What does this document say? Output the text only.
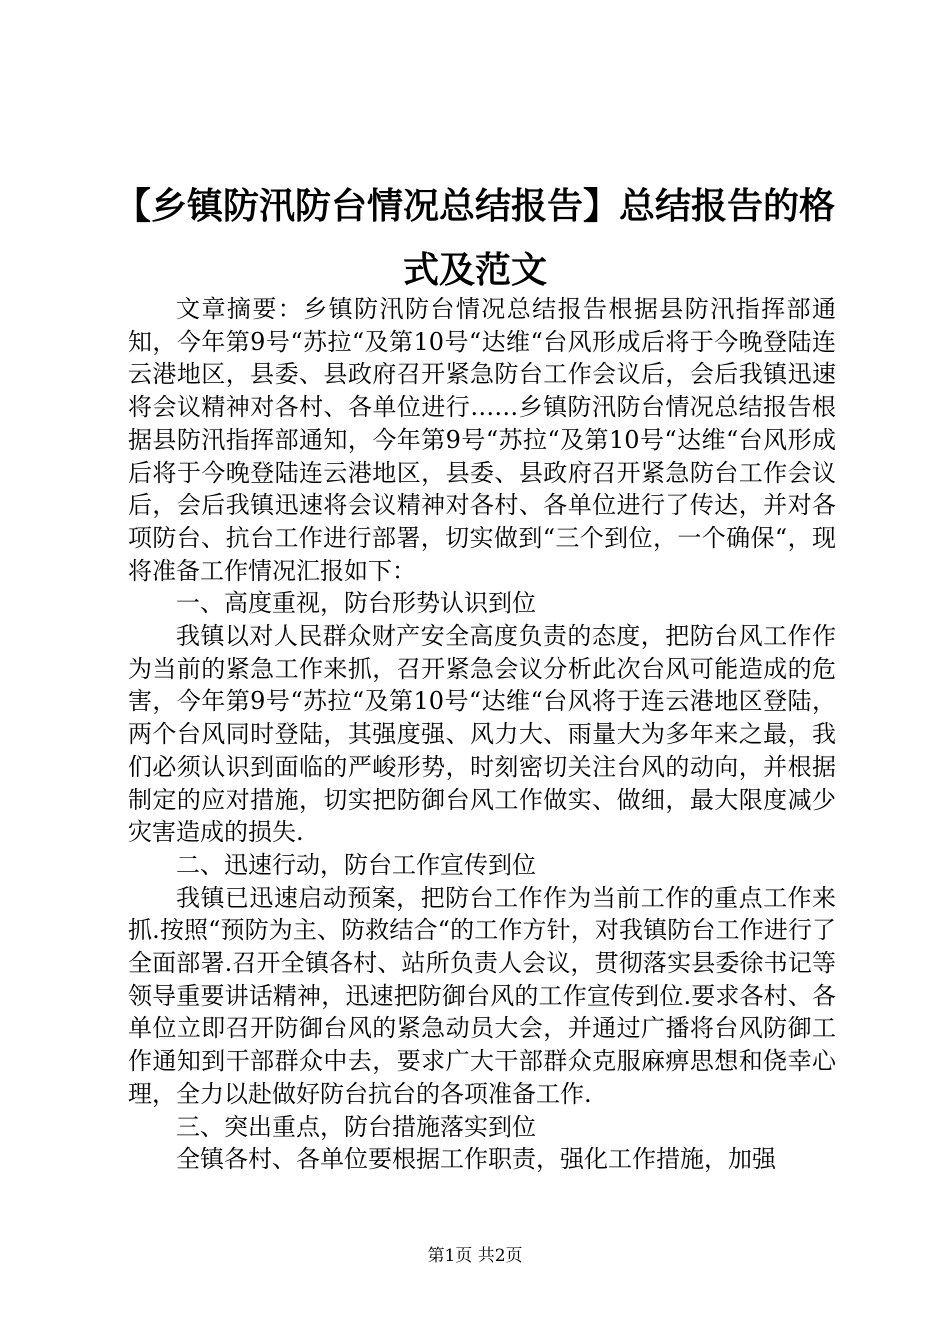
【乡镇防汛防台情况总结报告】总结报告的格式及范文

文章摘要：乡镇防汛防台情况总结报告根据县防汛指挥部通知，今年第9号“苏拉“及第10号“达维“台风形成后将于今晚登陆连云港地区，县委、县政府召开紧急防台工作会议后，会后我镇迅速将会议精神对各村、各单位进行……乡镇防汛防台情况总结报告根据县防汛指挥部通知，今年第9号“苏拉“及第10号“达维“台风形成后将于今晚登陆连云港地区，县委、县政府召开紧急防台工作会议后，会后我镇迅速将会议精神对各村、各单位进行了传达，并对各项防台、抗台工作进行部署，切实做到“三个到位，一个确保“，现将准备工作情况汇报如下：

一、高度重视，防台形势认识到位

我镇以对人民群众财产安全高度负责的态度，把防台风工作作为当前的紧急工作来抓，召开紧急会议分析此次台风可能造成的危害，今年第9号“苏拉“及第10号“达维“台风将于连云港地区登陆，两个台风同时登陆，其强度强、风力大、雨量大为多年来之最，我们必须认识到面临的严峻形势，时刻密切关注台风的动向，并根据制定的应对措施，切实把防御台风工作做实、做细，最大限度减少灾害造成的损失.

二、迅速行动，防台工作宣传到位

我镇已迅速启动预案，把防台工作作为当前工作的重点工作来抓.按照“预防为主、防救结合“的工作方针，对我镇防台工作进行了全面部署.召开全镇各村、站所负责人会议，贯彻落实县委徐书记等领导重要讲话精神，迅速把防御台风的工作宣传到位.要求各村、各单位立即召开防御台风的紧急动员大会，并通过广播将台风防御工作通知到干部群众中去，要求广大干部群众克服麻痹思想和侥幸心理，全力以赴做好防台抗台的各项准备工作.

三、突出重点，防台措施落实到位

全镇各村、各单位要根据工作职责，强化工作措施，加强

第1页 共2页
